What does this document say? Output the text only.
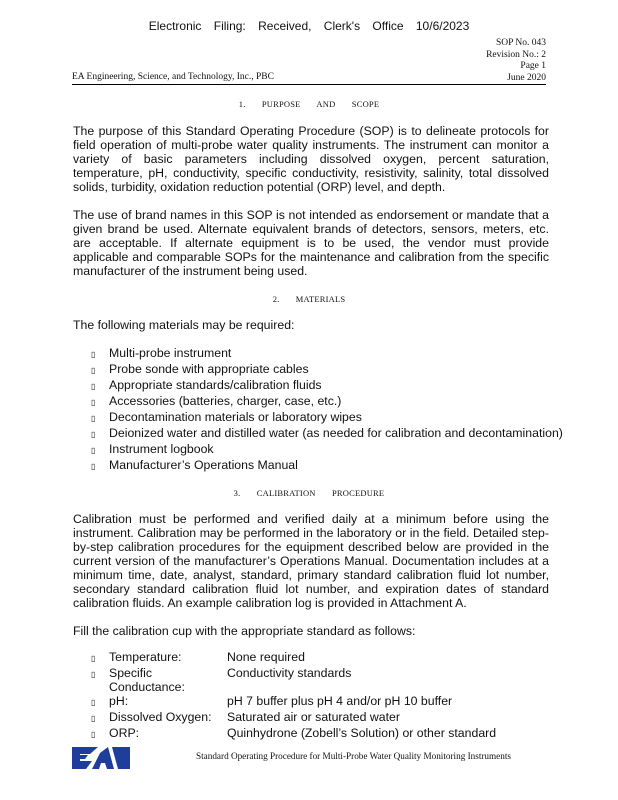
Electronic Filing: Received, Clerk's Office 10/6/2023
SOP No. 043
Revision No.: 2
Page 1
June 2020
EA Engineering, Science, and Technology, Inc., PBC
1. PURPOSE AND SCOPE
The purpose of this Standard Operating Procedure (SOP) is to delineate protocols for field operation of multi-probe water quality instruments. The instrument can monitor a variety of basic parameters including dissolved oxygen, percent saturation, temperature, pH, conductivity, specific conductivity, resistivity, salinity, total dissolved solids, turbidity, oxidation reduction potential (ORP) level, and depth.
The use of brand names in this SOP is not intended as endorsement or mandate that a given brand be used. Alternate equivalent brands of detectors, sensors, meters, etc. are acceptable. If alternate equipment is to be used, the vendor must provide applicable and comparable SOPs for the maintenance and calibration from the specific manufacturer of the instrument being used.
2. MATERIALS
The following materials may be required:
▯	Multi-probe instrument
▯	Probe sonde with appropriate cables
▯	Appropriate standards/calibration fluids
▯	Accessories (batteries, charger, case, etc.)
▯	Decontamination materials or laboratory wipes
▯	Deionized water and distilled water (as needed for calibration and decontamination)
▯	Instrument logbook
▯	Manufacturer’s Operations Manual
3. CALIBRATION PROCEDURE
Calibration must be performed and verified daily at a minimum before using the instrument. Calibration may be performed in the laboratory or in the field. Detailed step-by-step calibration procedures for the equipment described below are provided in the current version of the manufacturer’s Operations Manual. Documentation includes at a minimum time, date, analyst, standard, primary standard calibration fluid lot number, secondary standard calibration fluid lot number, and expiration dates of standard calibration fluids. An example calibration log is provided in Attachment A.
Fill the calibration cup with the appropriate standard as follows:
▯	Temperature:	None required
▯	Specific Conductance:
Conductivity standards
▯	pH:	pH 7 buffer plus pH 4 and/or pH 10 buffer
▯	Dissolved Oxygen:	Saturated air or saturated water
▯	ORP:	Quinhydrone (Zobell’s Solution) or other standard
Standard Operating Procedure for Multi-Probe Water Quality Monitoring Instruments
